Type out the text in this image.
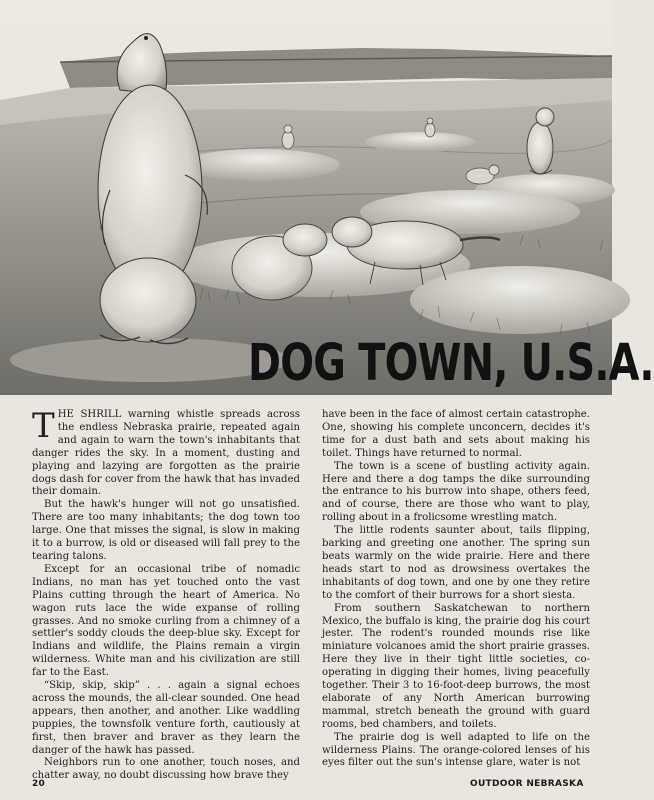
DOG TOWN, U.S.A.

THE SHRILL warning whistle spreads across the endless Nebraska prairie, repeated again and again to warn the town's inhabitants that danger rides the sky. In a moment, dusting and playing and lazying are forgotten as the prairie dogs dash for cover from the hawk that has invaded their domain.

But the hawk's hunger will not go unsatisfied. There are too many inhabitants; the dog town too large. One that misses the signal, is slow in making it to a burrow, is old or diseased will fall prey to the tearing talons.

Except for an occasional tribe of nomadic Indians, no man has yet touched onto the vast Plains cutting through the heart of America. No wagon ruts lace the wide expanse of rolling grasses. And no smoke curling from a chimney of a settler's soddy clouds the deep-blue sky. Except for Indians and wildlife, the Plains remain a virgin wilderness. White man and his civilization are still far to the East.

“Skip, skip, skip” . . . again a signal echoes across the mounds, the all-clear sounded. One head appears, then another, and another. Like waddling puppies, the townsfolk venture forth, cautiously at first, then braver and braver as they learn the danger of the hawk has passed.

Neighbors run to one another, touch noses, and chatter away, no doubt discussing how brave they

have been in the face of almost certain catastrophe. One, showing his complete unconcern, decides it's time for a dust bath and sets about making his toilet. Things have returned to normal.

The town is a scene of bustling activity again. Here and there a dog tamps the dike surrounding the entrance to his burrow into shape, others feed, and of course, there are those who want to play, rolling about in a frolicsome wrestling match.

The little rodents saunter about, tails flipping, barking and greeting one another. The spring sun beats warmly on the wide prairie. Here and there heads start to nod as drowsiness overtakes the inhabitants of dog town, and one by one they retire to the comfort of their burrows for a short siesta.

From southern Saskatchewan to northern Mexico, the buffalo is king, the prairie dog his court jester. The rodent's rounded mounds rise like miniature volcanoes amid the short prairie grasses. Here they live in their tight little societies, co-operating in digging their homes, living peacefully together. Their 3 to 16-foot-deep burrows, the most elaborate of any North American burrowing mammal, stretch beneath the ground with guard rooms, bed chambers, and toilets.

The prairie dog is well adapted to life on the wilderness Plains. The orange-colored lenses of his eyes filter out the sun's intense glare, water is not

20	OUTDOOR NEBRASKA
